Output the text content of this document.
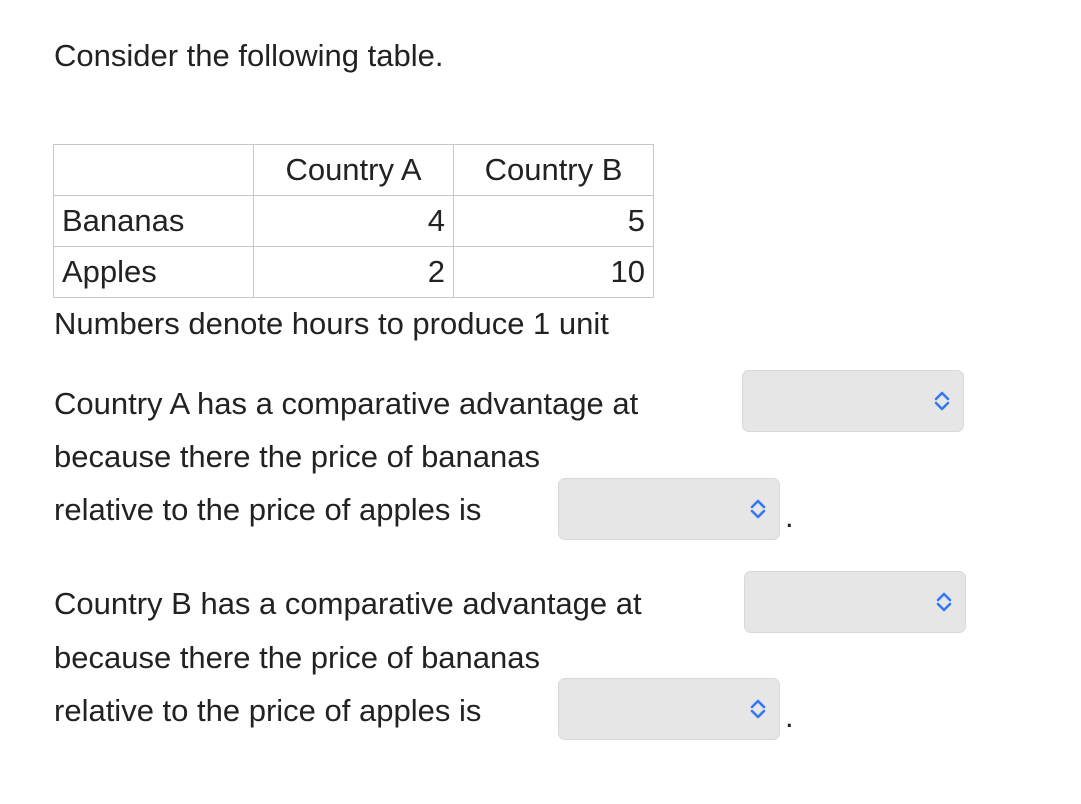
Consider the following table.

	Country A	Country B
Bananas	4	5
Apples	2	10

Numbers denote hours to produce 1 unit

Country A has a comparative advantage at

because there the price of bananas

relative to the price of apples is	.

Country B has a comparative advantage at

because there the price of bananas

relative to the price of apples is	.
